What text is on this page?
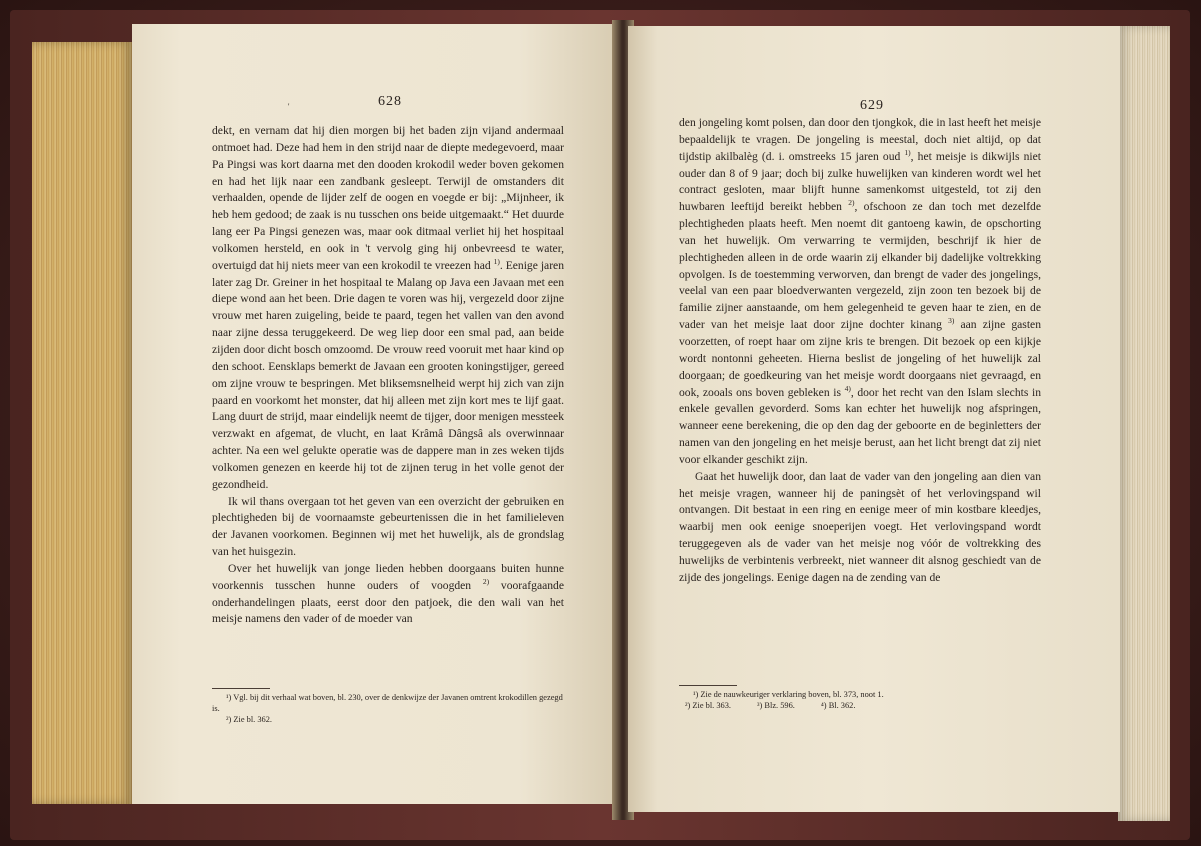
'	628

dekt, en vernam dat hij dien morgen bij het baden zijn vijand andermaal ontmoet had. Deze had hem in den strijd naar de diepte medegevoerd, maar Pa Pingsi was kort daarna met den dooden krokodil weder boven gekomen en had het lijk naar een zandbank gesleept. Terwijl de omstanders dit verhaalden, opende de lijder zelf de oogen en voegde er bij: „Mijnheer, ik heb hem gedood; de zaak is nu tusschen ons beide uitgemaakt.“ Het duurde lang eer Pa Pingsi genezen was, maar ook ditmaal verliet hij het hospitaal volkomen hersteld, en ook in 't vervolg ging hij onbevreesd te water, overtuigd dat hij niets meer van een krokodil te vreezen had $^{1)}$. Eenige jaren later zag Dr. Greiner in het hospitaal te Malang op Java een Javaan met een diepe wond aan het been. Drie dagen te voren was hij, vergezeld door zijne vrouw met haren zuigeling, beide te paard, tegen het vallen van den avond naar zijne dessa teruggekeerd. De weg liep door een smal pad, aan beide zijden door dicht bosch omzoomd. De vrouw reed vooruit met haar kind op den schoot. Eensklaps bemerkt de Javaan een grooten koningstijger, gereed om zijne vrouw te bespringen. Met bliksemsnelheid werpt hij zich van zijn paard en voorkomt het monster, dat hij alleen met zijn kort mes te lijf gaat. Lang duurt de strijd, maar eindelijk neemt de tijger, door menigen messteek verzwakt en afgemat, de vlucht, en laat Krâmâ Dângsâ als overwinnaar achter. Na een wel gelukte operatie was de dappere man in zes weken tijds volkomen genezen en keerde hij tot de zijnen terug in het volle genot der gezondheid.

Ik wil thans overgaan tot het geven van een overzicht der gebruiken en plechtigheden bij de voornaamste gebeurtenissen die in het familieleven der Javanen voorkomen. Beginnen wij met het huwelijk, als de grondslag van het huisgezin.

Over het huwelijk van jonge lieden hebben doorgaans buiten hunne voorkennis tusschen hunne ouders of voogden $^{2)}$ voorafgaande onderhandelingen plaats, eerst door den patjoek, die den wali van het meisje namens den vader of de moeder van

¹) Vgl. bij dit verhaal wat boven, bl. 230, over de denkwijze der Javanen omtrent krokodillen gezegd is.

²) Zie bl. 362.

629

den jongeling komt polsen, dan door den tjongkok, die in last heeft het meisje bepaaldelijk te vragen. De jongeling is meestal, doch niet altijd, op dat tijdstip akilbalèg (d. i. omstreeks 15 jaren oud $^{1)}$, het meisje is dikwijls niet ouder dan 8 of 9 jaar; doch bij zulke huwelijken van kinderen wordt wel het contract gesloten, maar blijft hunne samenkomst uitgesteld, tot zij den huwbaren leeftijd bereikt hebben $^{2)}$, ofschoon ze dan toch met dezelfde plechtigheden plaats heeft. Men noemt dit gantoeng kawin, de opschorting van het huwelijk. Om verwarring te vermijden, beschrijf ik hier de plechtigheden alleen in de orde waarin zij elkander bij dadelijke voltrekking opvolgen. Is de toestemming verworven, dan brengt de vader des jongelings, veelal van een paar bloedverwanten vergezeld, zijn zoon ten bezoek bij de familie zijner aanstaande, om hem gelegenheid te geven haar te zien, en de vader van het meisje laat door zijne dochter kinang $^{3)}$ aan zijne gasten voorzetten, of roept haar om zijne kris te brengen. Dit bezoek op een kijkje wordt nontonni geheeten. Hierna beslist de jongeling of het huwelijk zal doorgaan; de goedkeuring van het meisje wordt doorgaans niet gevraagd, en ook, zooals ons boven gebleken is $^{4)}$, door het recht van den Islam slechts in enkele gevallen gevorderd. Soms kan echter het huwelijk nog afspringen, wanneer eene berekening, die op den dag der geboorte en de beginletters der namen van den jongeling en het meisje berust, aan het licht brengt dat zij niet voor elkander geschikt zijn.

Gaat het huwelijk door, dan laat de vader van den jongeling aan dien van het meisje vragen, wanneer hij de paningsèt of het verlovingspand wil ontvangen. Dit bestaat in een ring en eenige meer of min kostbare kleedjes, waarbij men ook eenige snoeperijen voegt. Het verlovingspand wordt teruggegeven als de vader van het meisje nog vóór de voltrekking des huwelijks de verbintenis verbreekt, niet wanneer dit alsnog geschiedt van de zijde des jongelings. Eenige dagen na de zending van de

¹) Zie de nauwkeuriger verklaring boven, bl. 373, noot 1.

²) Zie bl. 363.	³) Blz. 596.	⁴) Bl. 362.
